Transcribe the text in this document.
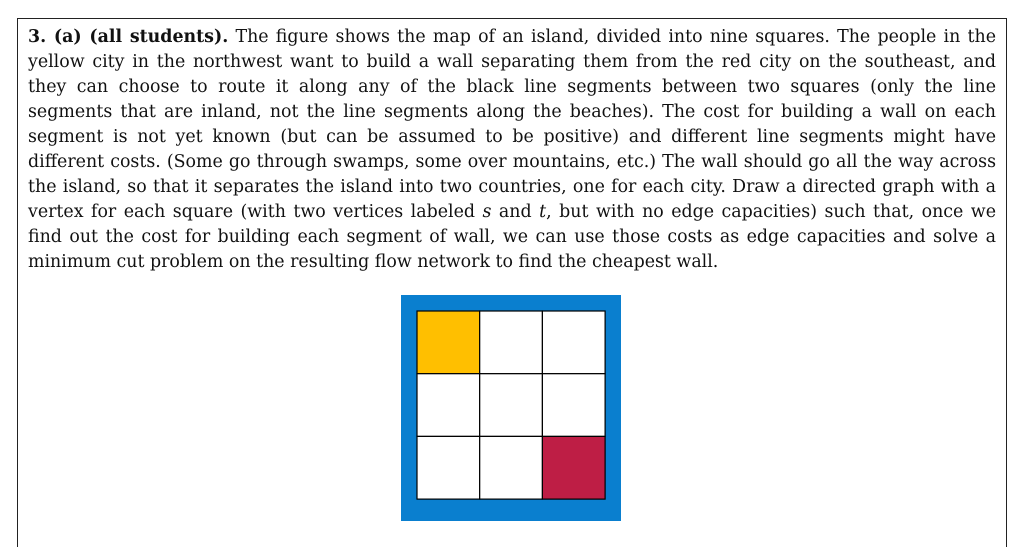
3. (a) (all students). The figure shows the map of an island, divided into nine squares. The people in the yellow city in the northwest want to build a wall separating them from the red city on the southeast, and they can choose to route it along any of the black line segments between two squares (only the line segments that are inland, not the line segments along the beaches). The cost for building a wall on each segment is not yet known (but can be assumed to be positive) and different line segments might have different costs. (Some go through swamps, some over mountains, etc.) The wall should go all the way across the island, so that it separates the island into two countries, one for each city. Draw a directed graph with a vertex for each square (with two vertices labeled s and t, but with no edge capacities) such that, once we find out the cost for building each segment of wall, we can use those costs as edge capacities and solve a minimum cut problem on the resulting flow network to find the cheapest wall.
